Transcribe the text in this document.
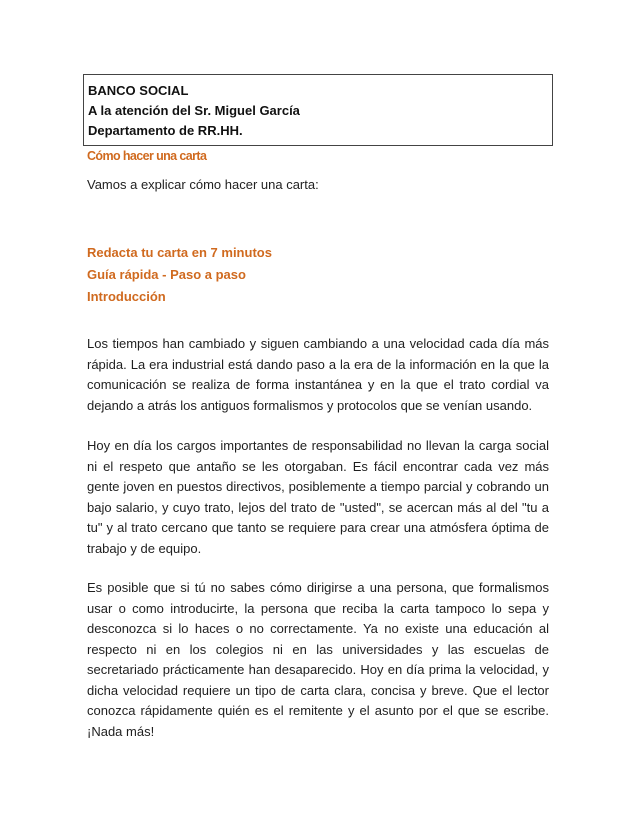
BANCO SOCIAL
A la atención del Sr. Miguel García
Departamento de RR.HH.
Cómo hacer una carta
Vamos a explicar cómo hacer una carta:
Redacta tu carta en 7 minutos
Guía rápida - Paso a paso
Introducción

Los tiempos han cambiado y siguen cambiando a una velocidad cada día más rápida. La era industrial está dando paso a la era de la información en la que la comunicación se realiza de forma instantánea y en la que el trato cordial va dejando a atrás los antiguos formalismos y protocolos que se venían usando.

Hoy en día los cargos importantes de responsabilidad no llevan la carga social ni el respeto que antaño se les otorgaban. Es fácil encontrar cada vez más gente joven en puestos directivos, posiblemente a tiempo parcial y cobrando un bajo salario, y cuyo trato, lejos del trato de "usted", se acercan más al del "tu a tu" y al trato cercano que tanto se requiere para crear una atmósfera óptima de trabajo y de equipo.

Es posible que si tú no sabes cómo dirigirse a una persona, que formalismos usar o como introducirte, la persona que reciba la carta tampoco lo sepa y desconozca si lo haces o no correctamente. Ya no existe una educación al respecto ni en los colegios ni en las universidades y las escuelas de secretariado prácticamente han desaparecido. Hoy en día prima la velocidad, y dicha velocidad requiere un tipo de carta clara, concisa y breve. Que el lector conozca rápidamente quién es el remitente y el asunto por el que se escribe. ¡Nada más!
